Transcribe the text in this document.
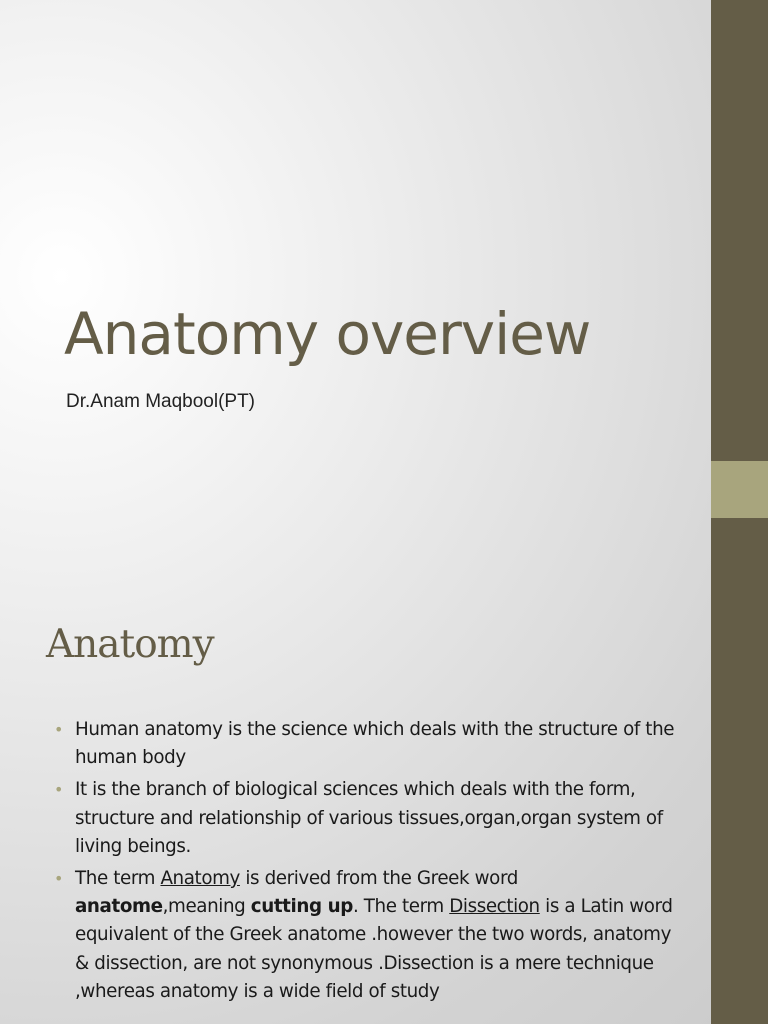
Anatomy overview

Dr.Anam Maqbool(PT)

Anatomy
• Human anatomy is the science which deals with the structure of the human body
• It is the branch of biological sciences which deals with the form, structure and relationship of various tissues,organ,organ system of living beings.
• The term Anatomy is derived from the Greek word anatome,meaning cutting up. The term Dissection is a Latin word equivalent of the Greek anatome .however the two words, anatomy & dissection, are not synonymous .Dissection is a mere technique ,whereas anatomy is a wide field of study
